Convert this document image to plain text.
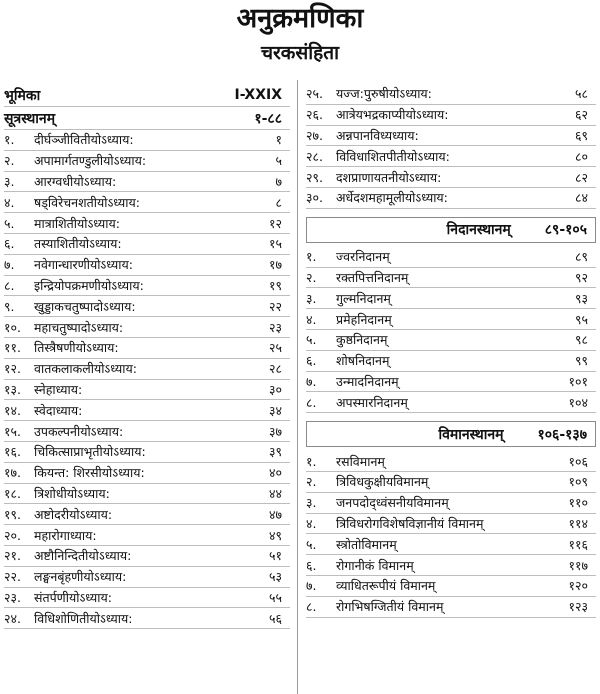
अनुक्रमणिका
चरकसंहिता
भूमिका	I-XXIX
सूत्रस्थानम्	१-८८
१.	दीर्घञ्जीवितीयोऽध्याय:	१
२.	अपामार्गतण्डुलीयोऽध्याय:	५
३.	आरग्वधीयोऽध्याय:	७
४.	षड्विरेचनशतीयोऽध्याय:	८
५.	मात्राशितीयोऽध्याय:	१२
६.	तस्याशितीयोऽध्याय:	१५
७.	नवेगान्धारणीयोऽध्याय:	१७
८.	इन्द्रियोपक्रमणीयोऽध्याय:	१९
९.	खुड्डाकचतुष्पादोऽध्याय:	२२
१०.	महाचतुष्पादोऽध्याय:	२३
११.	तिस्त्रैषणीयोऽध्याय:	२५
१२.	वातकलाकलीयोऽध्याय:	२८
१३.	स्नेहाध्याय:	३०
१४.	स्वेदाध्याय:	३४
१५.	उपकल्पनीयोऽध्याय:	३७
१६.	चिकित्साप्राभृतीयोऽध्याय:	३९
१७.	कियन्त: शिरसीयोऽध्याय:	४०
१८.	त्रिशोधीयोऽध्याय:	४४
१९.	अष्टोदरीयोऽध्याय:	४७
२०.	महारोगाध्याय:	४९
२१.	अष्टौनिन्दितीयोऽध्याय:	५१
२२.	लङ्घनबृंहणीयोऽध्याय:	५३
२३.	संतर्पणीयोऽध्याय:	५५
२४.	विधिशोणितीयोऽध्याय:	५६
२५.	यज्ज:पुरुषीयोऽध्याय:	५८
२६.	आत्रेयभद्रकाप्यीयोऽध्याय:	६२
२७.	अन्नपानविध्यध्याय:	६९
२८.	विविधाशितपीतीयोऽध्याय:	८०
२९.	दशप्राणायतनीयोऽध्याय:	८२
३०.	अर्धेदशमहामूलीयोऽध्याय:	८४
निदानस्थानम् ८९-१०५
१.	ज्वरनिदानम्	८९
२.	रक्तपित्तनिदानम्	९२
३.	गुल्मनिदानम्	९३
४.	प्रमेहनिदानम्	९५
५.	कुष्ठनिदानम्	९८
६.	शोषनिदानम्	९९
७.	उन्मादनिदानम्	१०१
८.	अपस्मारनिदानम्	१०४
विमानस्थानम् १०६-१३७
१.	रसविमानम्	१०६
२.	त्रिविधकुक्षीयविमानम्	१०९
३.	जनपदोद्ध्वंसनीयविमानम्	११०
४.	त्रिविधरोगविशेषविज्ञानीयं विमानम्	११४
५.	स्त्रोतोविमानम्	११६
६.	रोगानीकं विमानम्	११७
७.	व्याधितरूपीयं विमानम्	१२०
८.	रोगभिषग्जितीयं विमानम्	१२३
